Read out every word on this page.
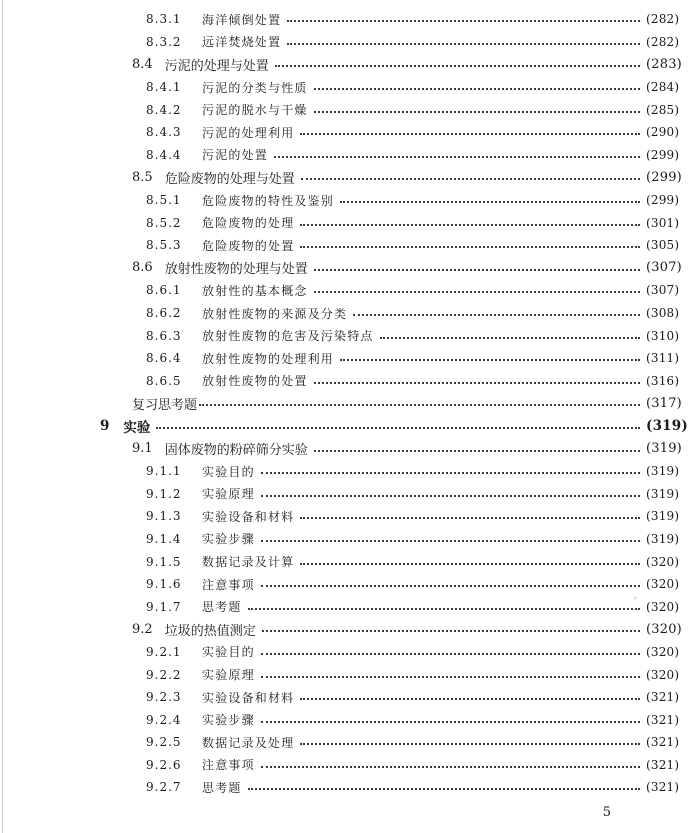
8.3.1	海洋倾倒处置	(282)
8.3.2	远洋焚烧处置	(282)
8.4 污泥的处理与处置	(283)
8.4.1	污泥的分类与性质	(284)
8.4.2	污泥的脱水与干燥	(285)
8.4.3	污泥的处理利用	(290)
8.4.4	污泥的处置	(299)
8.5 危险废物的处理与处置	(299)
8.5.1	危险废物的特性及鉴别	(299)
8.5.2	危险废物的处理	(301)
8.5.3	危险废物的处置	(305)
8.6 放射性废物的处理与处置	(307)
8.6.1	放射性的基本概念	(307)
8.6.2	放射性废物的来源及分类	(308)
8.6.3	放射性废物的危害及污染特点	(310)
8.6.4	放射性废物的处理利用	(311)
8.6.5	放射性废物的处置	(316)
复习思考题	(317)
9 实验	(319)
9.1 固体废物的粉碎筛分实验	(319)
9.1.1	实验目的	(319)
9.1.2	实验原理	(319)
9.1.3	实验设备和材料	(319)
9.1.4	实验步骤	(319)
9.1.5	数据记录及计算	(320)
9.1.6	注意事项	(320)
9.1.7	思考题	(320)
9.2 垃圾的热值测定	(320)
9.2.1	实验目的	(320)
9.2.2	实验原理	(320)
9.2.3	实验设备和材料	(321)
9.2.4	实验步骤	(321)
9.2.5	数据记录及处理	(321)
9.2.6	注意事项	(321)
9.2.7	思考题	(321)
5
'
